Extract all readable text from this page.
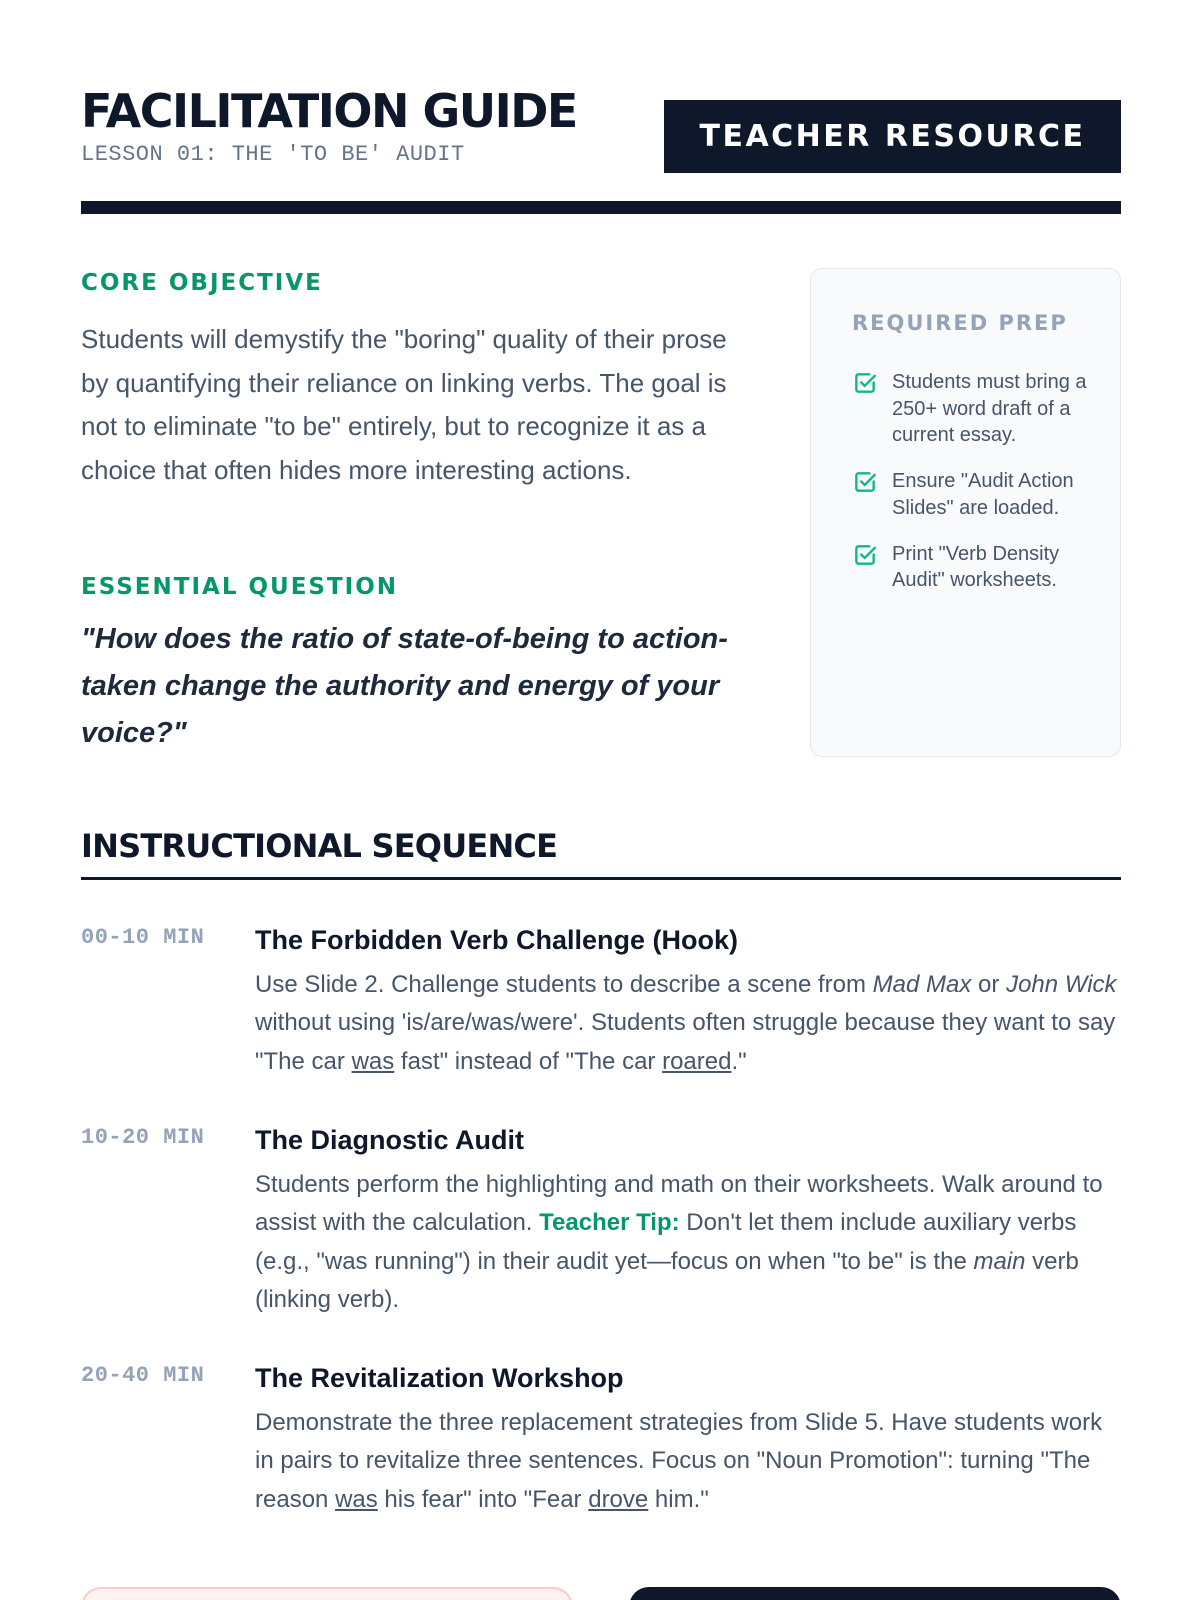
FACILITATION GUIDE
LESSON 01: THE 'TO BE' AUDIT
TEACHER RESOURCE
CORE OBJECTIVE

Students will demystify the "boring" quality of their prose by quantifying their reliance on linking verbs. The goal is not to eliminate "to be" entirely, but to recognize it as a choice that often hides more interesting actions.

ESSENTIAL QUESTION

"How does the ratio of state-of-being to action-taken change the authority and energy of your voice?"

REQUIRED PREP
Students must bring a 250+ word draft of a current essay.
Ensure "Audit Action Slides" are loaded.
Print "Verb Density Audit" worksheets.
INSTRUCTIONAL SEQUENCE
00-10 MIN The Forbidden Verb Challenge (Hook)

Use Slide 2. Challenge students to describe a scene from Mad Max or John Wick without using 'is/are/was/were'. Students often struggle because they want to say "The car was fast" instead of "The car roared."

10-20 MIN The Diagnostic Audit

Students perform the highlighting and math on their worksheets. Walk around to assist with the calculation. Teacher Tip: Don't let them include auxiliary verbs (e.g., "was running") in their audit yet—focus on when "to be" is the main verb (linking verb).

20-40 MIN The Revitalization Workshop

Demonstrate the three replacement strategies from Slide 5. Have students work in pairs to revitalize three sentences. Focus on "Noun Promotion": turning "The reason was his fear" into "Fear drove him."
